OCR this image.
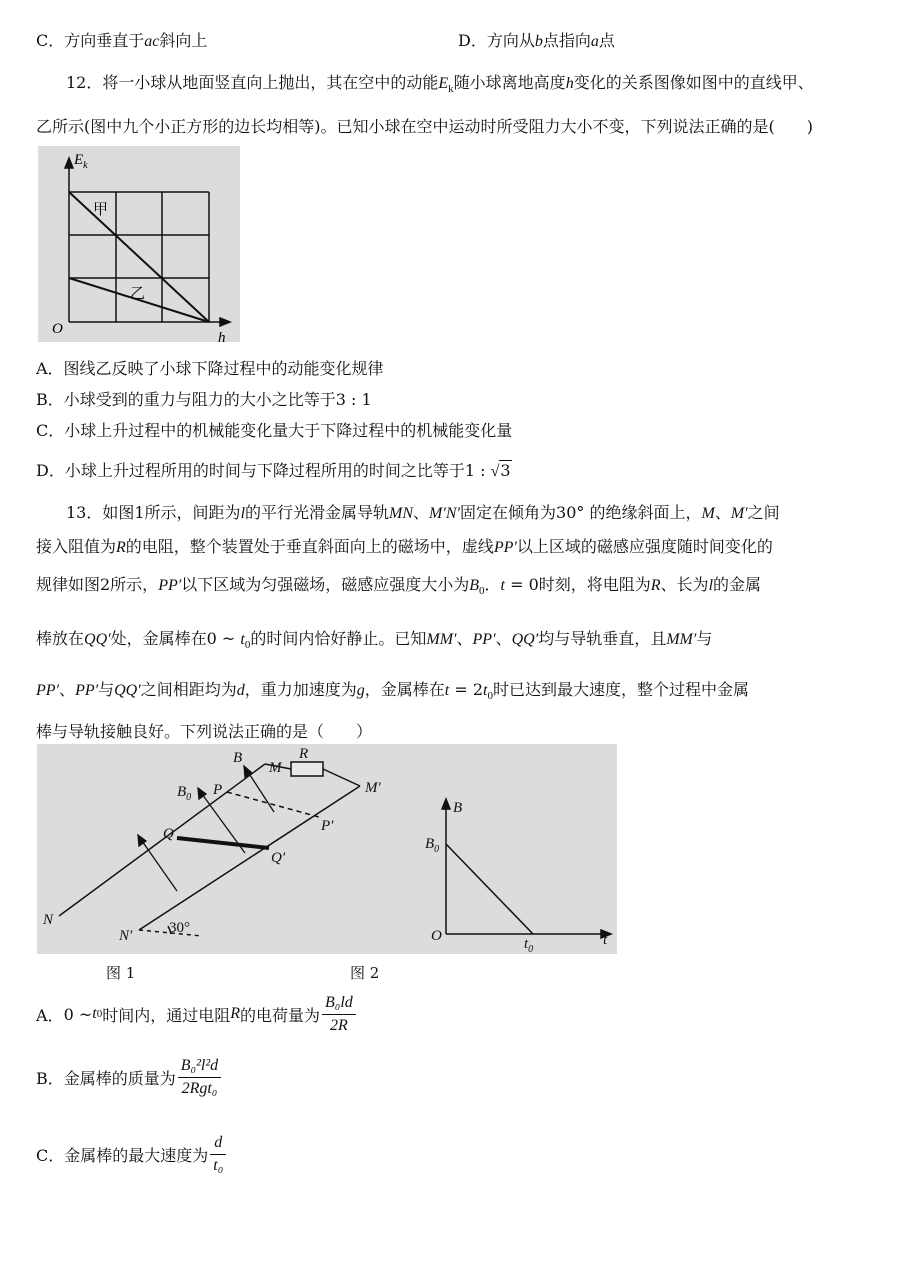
C．方向垂直于ac斜向上	D．方向从b点指向a点
12．将一小球从地面竖直向上抛出，其在空中的动能$E_k$随小球离地高度h变化的关系图像如图中的直线甲、
乙所示(图中九个小正方形的边长均相等)。已知小球在空中运动时所受阻力大小不变，下列说法正确的是(　　)
$E_k$
O
h
甲
乙
A．图线乙反映了小球下降过程中的动能变化规律
B．小球受到的重力与阻力的大小之比等于3 : 1
C．小球上升过程中的机械能变化量大于下降过程中的机械能变化量
D．小球上升过程所用的时间与下降过程所用的时间之比等于1 : √3
13．如图1所示，间距为l的平行光滑金属导轨MN、M′N′固定在倾角为30° 的绝缘斜面上，M、M′之间
接入阻值为R的电阻，整个装置处于垂直斜面向上的磁场中，虚线PP′以上区域的磁感应强度随时间变化的
规律如图2所示，PP′以下区域为匀强磁场，磁感应强度大小为$B_0$．t = 0时刻，将电阻为R、长为l的金属
棒放在QQ′处，金属棒在0 ~ $t_0$的时间内恰好静止。已知MM′、PP′、QQ′均与导轨垂直，且MM′与
PP′、PP′与QQ′之间相距均为d，重力加速度为g，金属棒在$t = 2t_0$时已达到最大速度，整个过程中金属
棒与导轨接触良好。下列说法正确的是（　　）
B
$B_0$
M
R
M′
P
P′
Q
Q′
N
N′ 30°
B
$B_0$
O	$t_0$
t
图 1	图 2
A． 0 ~ t 0 时间内，通过电阻 R 的电荷量为 $\frac{\text{B₀ld}}{2R}$
B．金属棒的质量为 $\frac{\text{B₀²l²d}}{\text{2Rgt₀}}$
C．金属棒的最大速度为 $\frac{d}{\text{t₀}}$
